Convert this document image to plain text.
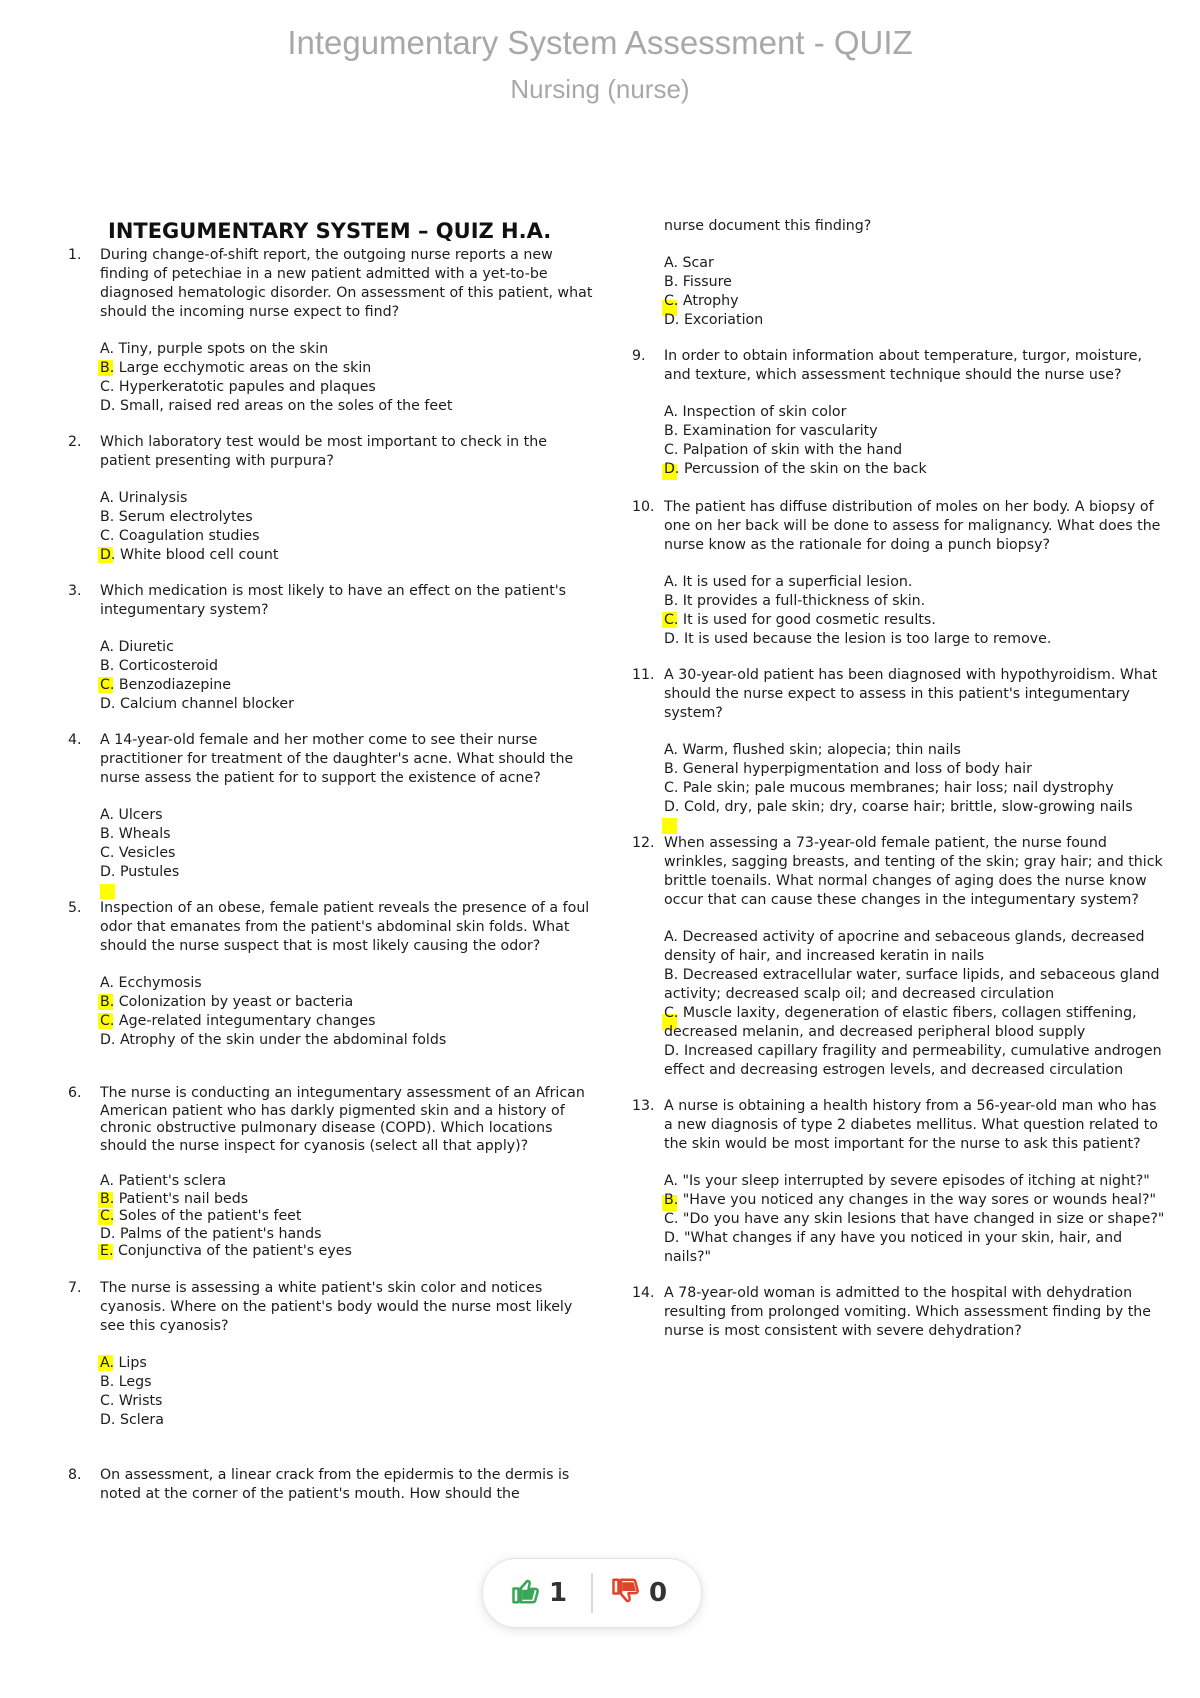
Integumentary System Assessment - QUIZ
Nursing (nurse)
INTEGUMENTARY SYSTEM – QUIZ H.A.
1. During change-of-shift report, the outgoing nurse reports a new finding of petechiae in a new patient admitted with a yet-to-be diagnosed hematologic disorder. On assessment of this patient, what should the incoming nurse expect to find?

A. Tiny, purple spots on the skin
B. Large ecchymotic areas on the skin
C. Hyperkeratotic papules and plaques
D. Small, raised red areas on the soles of the feet
2. Which laboratory test would be most important to check in the patient presenting with purpura?

A. Urinalysis
B. Serum electrolytes
C. Coagulation studies
D. White blood cell count
3. Which medication is most likely to have an effect on the patient's integumentary system?

A. Diuretic
B. Corticosteroid
C. Benzodiazepine
D. Calcium channel blocker
4. A 14-year-old female and her mother come to see their nurse practitioner for treatment of the daughter's acne. What should the nurse assess the patient for to support the existence of acne?

A. Ulcers
B. Wheals
C. Vesicles
D. Pustules
5. Inspection of an obese, female patient reveals the presence of a foul odor that emanates from the patient's abdominal skin folds. What should the nurse suspect that is most likely causing the odor?

A. Ecchymosis
B. Colonization by yeast or bacteria
C. Age-related integumentary changes
D. Atrophy of the skin under the abdominal folds
6. The nurse is conducting an integumentary assessment of an African American patient who has darkly pigmented skin and a history of chronic obstructive pulmonary disease (COPD). Which locations should the nurse inspect for cyanosis (select all that apply)?

A. Patient's sclera
B. Patient's nail beds
C. Soles of the patient's feet
D. Palms of the patient's hands
E. Conjunctiva of the patient's eyes
7. The nurse is assessing a white patient's skin color and notices cyanosis. Where on the patient's body would the nurse most likely see this cyanosis?

A. Lips
B. Legs
C. Wrists
D. Sclera
8. On assessment, a linear crack from the epidermis to the dermis is noted at the corner of the patient's mouth. How should the

nurse document this finding?

A. Scar
B. Fissure
C. Atrophy
D. Excoriation
9. In order to obtain information about temperature, turgor, moisture, and texture, which assessment technique should the nurse use?

A. Inspection of skin color
B. Examination for vascularity
C. Palpation of skin with the hand
D. Percussion of the skin on the back
10. The patient has diffuse distribution of moles on her body. A biopsy of one on her back will be done to assess for malignancy. What does the nurse know as the rationale for doing a punch biopsy?

A. It is used for a superficial lesion.
B. It provides a full-thickness of skin.
C. It is used for good cosmetic results.
D. It is used because the lesion is too large to remove.
11. A 30-year-old patient has been diagnosed with hypothyroidism. What should the nurse expect to assess in this patient's integumentary system?

A. Warm, flushed skin; alopecia; thin nails
B. General hyperpigmentation and loss of body hair
C. Pale skin; pale mucous membranes; hair loss; nail dystrophy
D. Cold, dry, pale skin; dry, coarse hair; brittle, slow-growing nails
12. When assessing a 73-year-old female patient, the nurse found wrinkles, sagging breasts, and tenting of the skin; gray hair; and thick brittle toenails. What normal changes of aging does the nurse know occur that can cause these changes in the integumentary system?

A. Decreased activity of apocrine and sebaceous glands, decreased density of hair, and increased keratin in nails
B. Decreased extracellular water, surface lipids, and sebaceous gland activity; decreased scalp oil; and decreased circulation
C. Muscle laxity, degeneration of elastic fibers, collagen stiffening, decreased melanin, and decreased peripheral blood supply
D. Increased capillary fragility and permeability, cumulative androgen effect and decreasing estrogen levels, and decreased circulation
13. A nurse is obtaining a health history from a 56-year-old man who has a new diagnosis of type 2 diabetes mellitus. What question related to the skin would be most important for the nurse to ask this patient?

A. "Is your sleep interrupted by severe episodes of itching at night?"
B. "Have you noticed any changes in the way sores or wounds heal?"
C. "Do you have any skin lesions that have changed in size or shape?"
D. "What changes if any have you noticed in your skin, hair, and nails?"
14. A 78-year-old woman is admitted to the hospital with dehydration resulting from prolonged vomiting. Which assessment finding by the nurse is most consistent with severe dehydration?

1	0
